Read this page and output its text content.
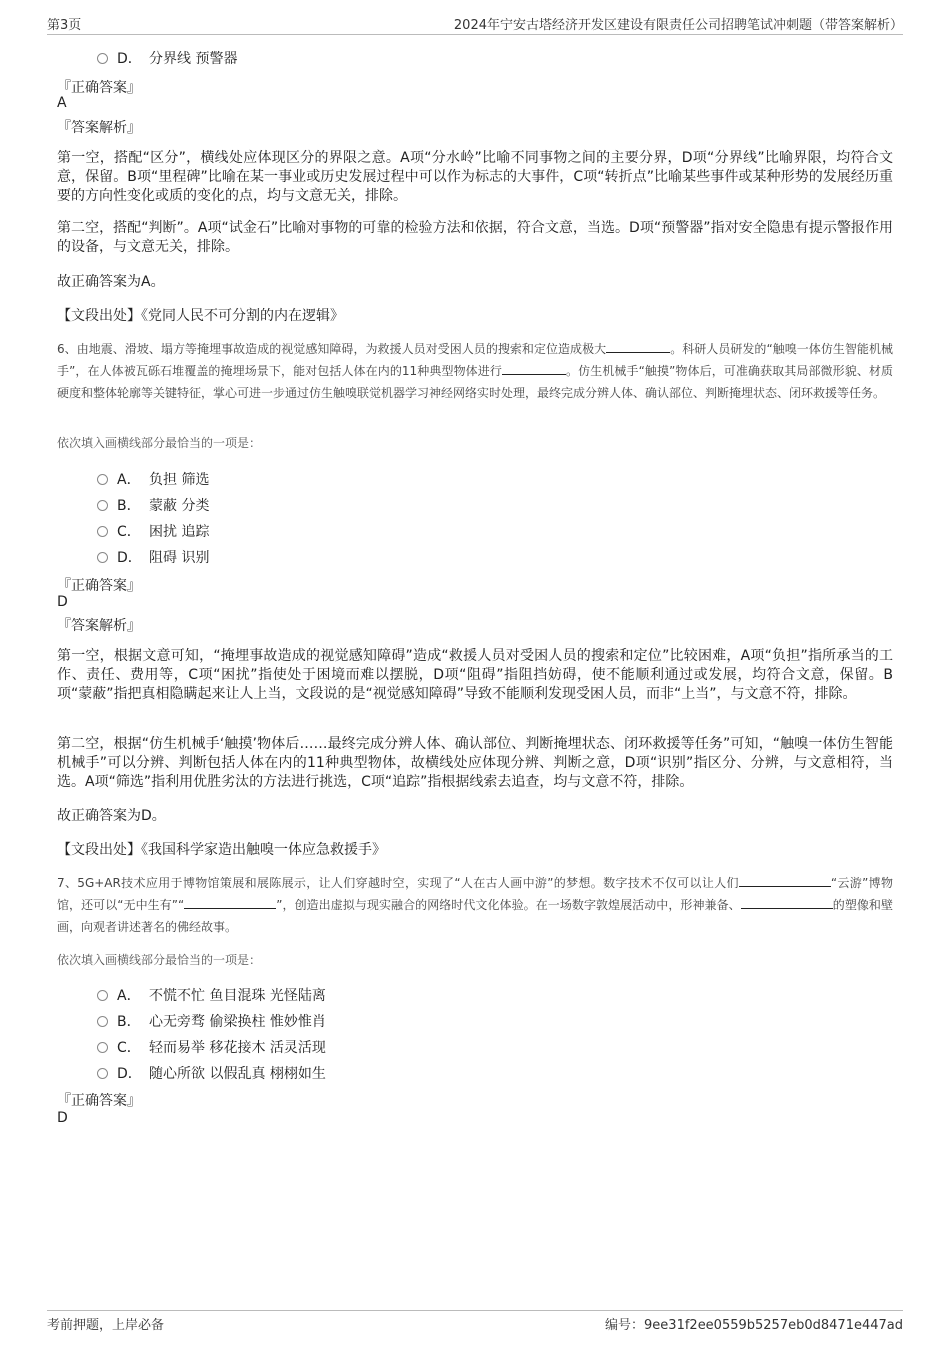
第3页	2024年宁安古塔经济开发区建设有限责任公司招聘笔试冲刺题（带答案解析）
D． 分界线 预警器
『正确答案』
A
『答案解析』
第一空，搭配“区分”，横线处应体现区分的界限之意。A项“分水岭”比喻不同事物之间的主要分界，D项“分界线”比喻界限，均符合文意，保留。B项“里程碑”比喻在某一事业或历史发展过程中可以作为标志的大事件，C项“转折点”比喻某些事件或某种形势的发展经历重要的方向性变化或质的变化的点，均与文意无关，排除。
第二空，搭配“判断”。A项“试金石”比喻对事物的可靠的检验方法和依据，符合文意，当选。D项“预警器”指对安全隐患有提示警报作用的设备，与文意无关，排除。
故正确答案为A。
【文段出处】《党同人民不可分割的内在逻辑》
6、由地震、滑坡、塌方等掩埋事故造成的视觉感知障碍，为救援人员对受困人员的搜索和定位造成极大	。科研人员研发的“触嗅一体仿生智能机械手”，在人体被瓦砾石堆覆盖的掩埋场景下，能对包括人体在内的11种典型物体进行	。仿生机械手“触摸”物体后，可准确获取其局部微形貌、材质硬度和整体轮廓等关键特征，掌心可进一步通过仿生触嗅联觉机器学习神经网络实时处理，最终完成分辨人体、确认部位、判断掩埋状态、闭环救援等任务。
依次填入画横线部分最恰当的一项是：
A． 负担 筛选
B． 蒙蔽 分类
C． 困扰 追踪
D． 阻碍 识别
『正确答案』
D
『答案解析』
第一空，根据文意可知，“掩埋事故造成的视觉感知障碍”造成“救援人员对受困人员的搜索和定位”比较困难，A项“负担”指所承当的工作、责任、费用等，C项“困扰”指使处于困境而难以摆脱，D项“阻碍”指阻挡妨碍，使不能顺利通过或发展，均符合文意，保留。B项“蒙蔽”指把真相隐瞒起来让人上当，文段说的是“视觉感知障碍”导致不能顺利发现受困人员，而非“上当”，与文意不符，排除。
第二空，根据“仿生机械手‘触摸’物体后……最终完成分辨人体、确认部位、判断掩埋状态、闭环救援等任务”可知，“触嗅一体仿生智能机械手”可以分辨、判断包括人体在内的11种典型物体，故横线处应体现分辨、判断之意，D项“识别”指区分、分辨，与文意相符，当选。A项“筛选”指利用优胜劣汰的方法进行挑选，C项“追踪”指根据线索去追查，均与文意不符，排除。
故正确答案为D。
【文段出处】《我国科学家造出触嗅一体应急救援手》
7、5G+AR技术应用于博物馆策展和展陈展示，让人们穿越时空，实现了“人在古人画中游”的梦想。数字技术不仅可以让人们	“云游”博物馆，还可以“无中生有”“	”，创造出虚拟与现实融合的网络时代文化体验。在一场数字敦煌展活动中，形神兼备、	的塑像和壁画，向观者讲述著名的佛经故事。
依次填入画横线部分最恰当的一项是：
A． 不慌不忙 鱼目混珠 光怪陆离
B． 心无旁骛 偷梁换柱 惟妙惟肖
C． 轻而易举 移花接木 活灵活现
D． 随心所欲 以假乱真 栩栩如生
『正确答案』
D
考前押题，上岸必备	编号：9ee31f2ee0559b5257eb0d8471e447ad
